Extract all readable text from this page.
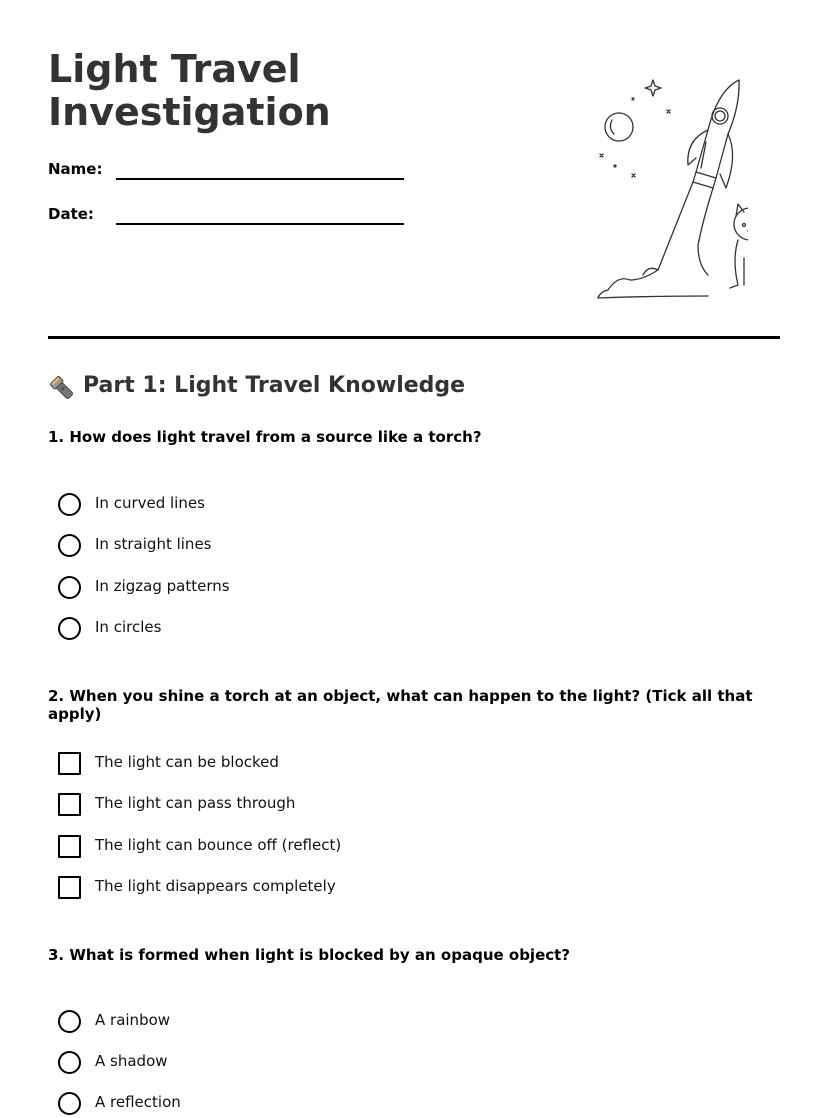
Light Travel
Investigation
Name:
Date:
Part 1: Light Travel Knowledge
1. How does light travel from a source like a torch?
In curved lines
In straight lines
In zigzag patterns
In circles
2. When you shine a torch at an object, what can happen to the light? (Tick all that apply)
The light can be blocked
The light can pass through
The light can bounce off (reflect)
The light disappears completely
3. What is formed when light is blocked by an opaque object?
A rainbow
A shadow
A reflection
